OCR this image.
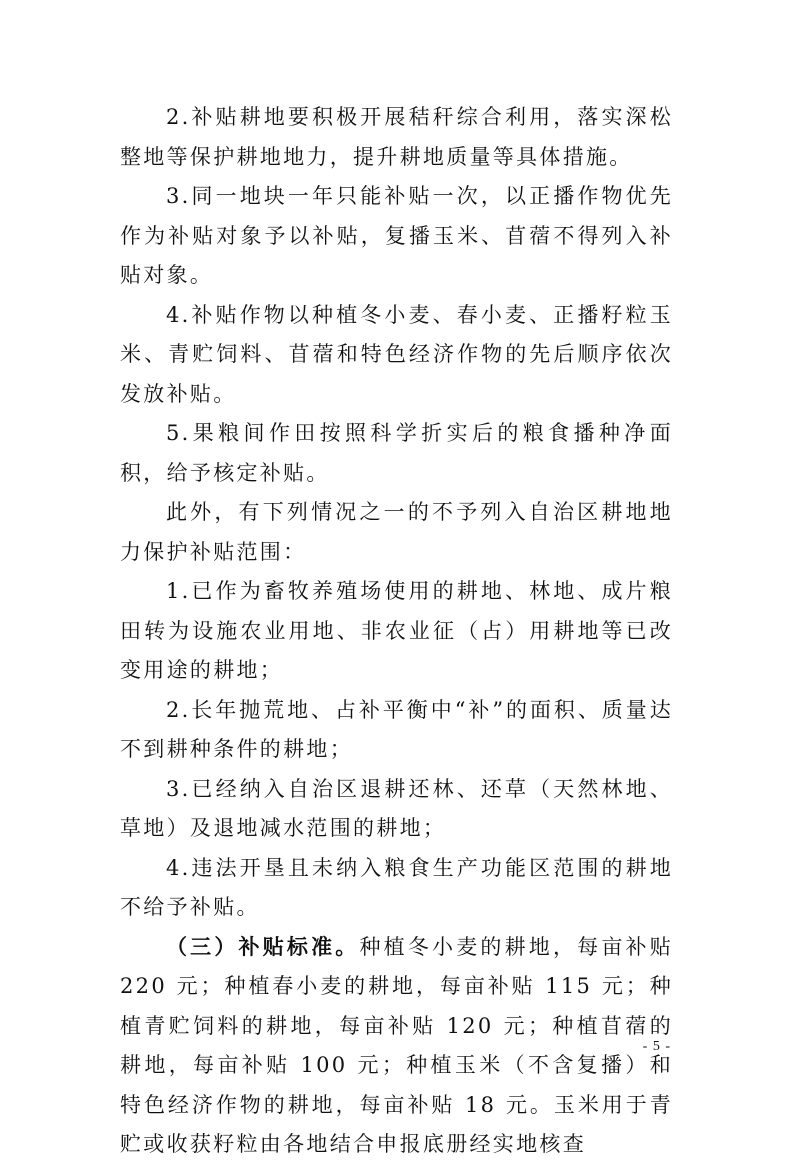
2.补贴耕地要积极开展秸秆综合利用，落实深松整地等保护耕地地力，提升耕地质量等具体措施。

3.同一地块一年只能补贴一次，以正播作物优先作为补贴对象予以补贴，复播玉米、苜蓿不得列入补贴对象。

4.补贴作物以种植冬小麦、春小麦、正播籽粒玉米、青贮饲料、苜蓿和特色经济作物的先后顺序依次发放补贴。

5.果粮间作田按照科学折实后的粮食播种净面积，给予核定补贴。

此外，有下列情况之一的不予列入自治区耕地地力保护补贴范围：

1.已作为畜牧养殖场使用的耕地、林地、成片粮田转为设施农业用地、非农业征（占）用耕地等已改变用途的耕地；

2.长年抛荒地、占补平衡中“补”的面积、质量达不到耕种条件的耕地；

3.已经纳入自治区退耕还林、还草（天然林地、草地）及退地减水范围的耕地；

4.违法开垦且未纳入粮食生产功能区范围的耕地不给予补贴。

（三）补贴标准。种植冬小麦的耕地，每亩补贴 220 元；种植春小麦的耕地，每亩补贴 115 元；种植青贮饲料的耕地，每亩补贴 120 元；种植苜蓿的耕地，每亩补贴 100 元；种植玉米（不含复播）和特色经济作物的耕地，每亩补贴 18 元。玉米用于青贮或收获籽粒由各地结合申报底册经实地核查

- 5 -
